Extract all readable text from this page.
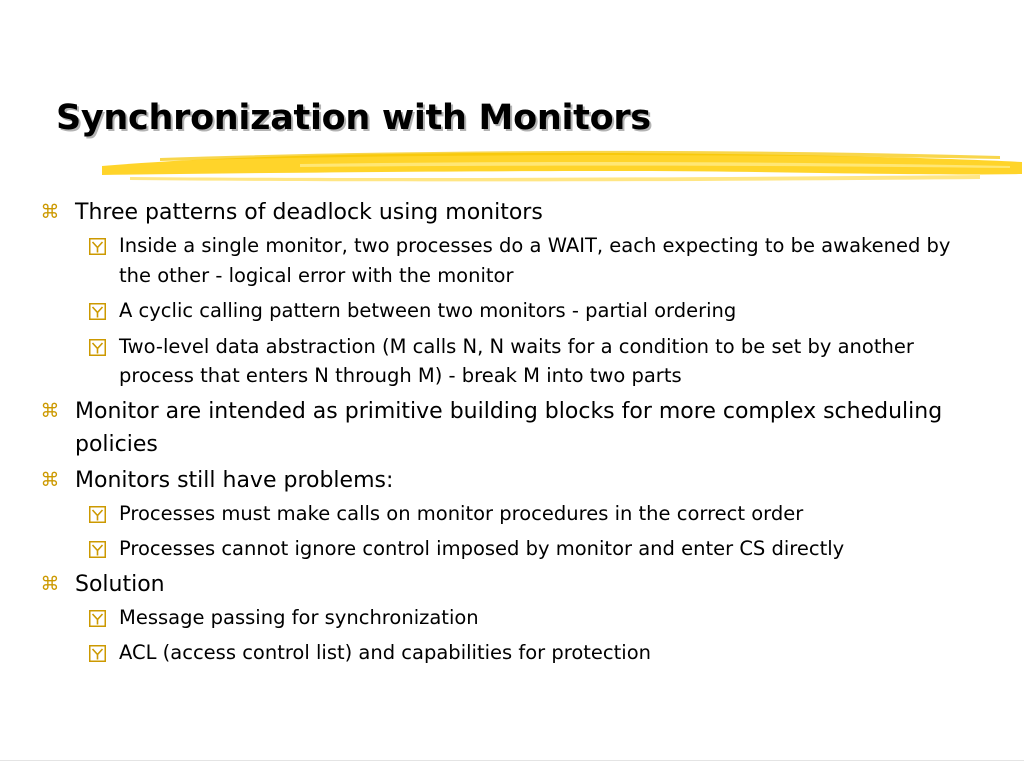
Synchronization with Monitors
⌘ Three patterns of deadlock using monitors
Inside a single monitor, two processes do a WAIT, each expecting to be awakened by the other - logical error with the monitor
A cyclic calling pattern between two monitors - partial ordering
Two-level data abstraction (M calls N, N waits for a condition to be set by another process that enters N through M) - break M into two parts
⌘ Monitor are intended as primitive building blocks for more complex scheduling policies
⌘ Monitors still have problems:
Processes must make calls on monitor procedures in the correct order
Processes cannot ignore control imposed by monitor and enter CS directly
⌘ Solution
Message passing for synchronization
ACL (access control list) and capabilities for protection
